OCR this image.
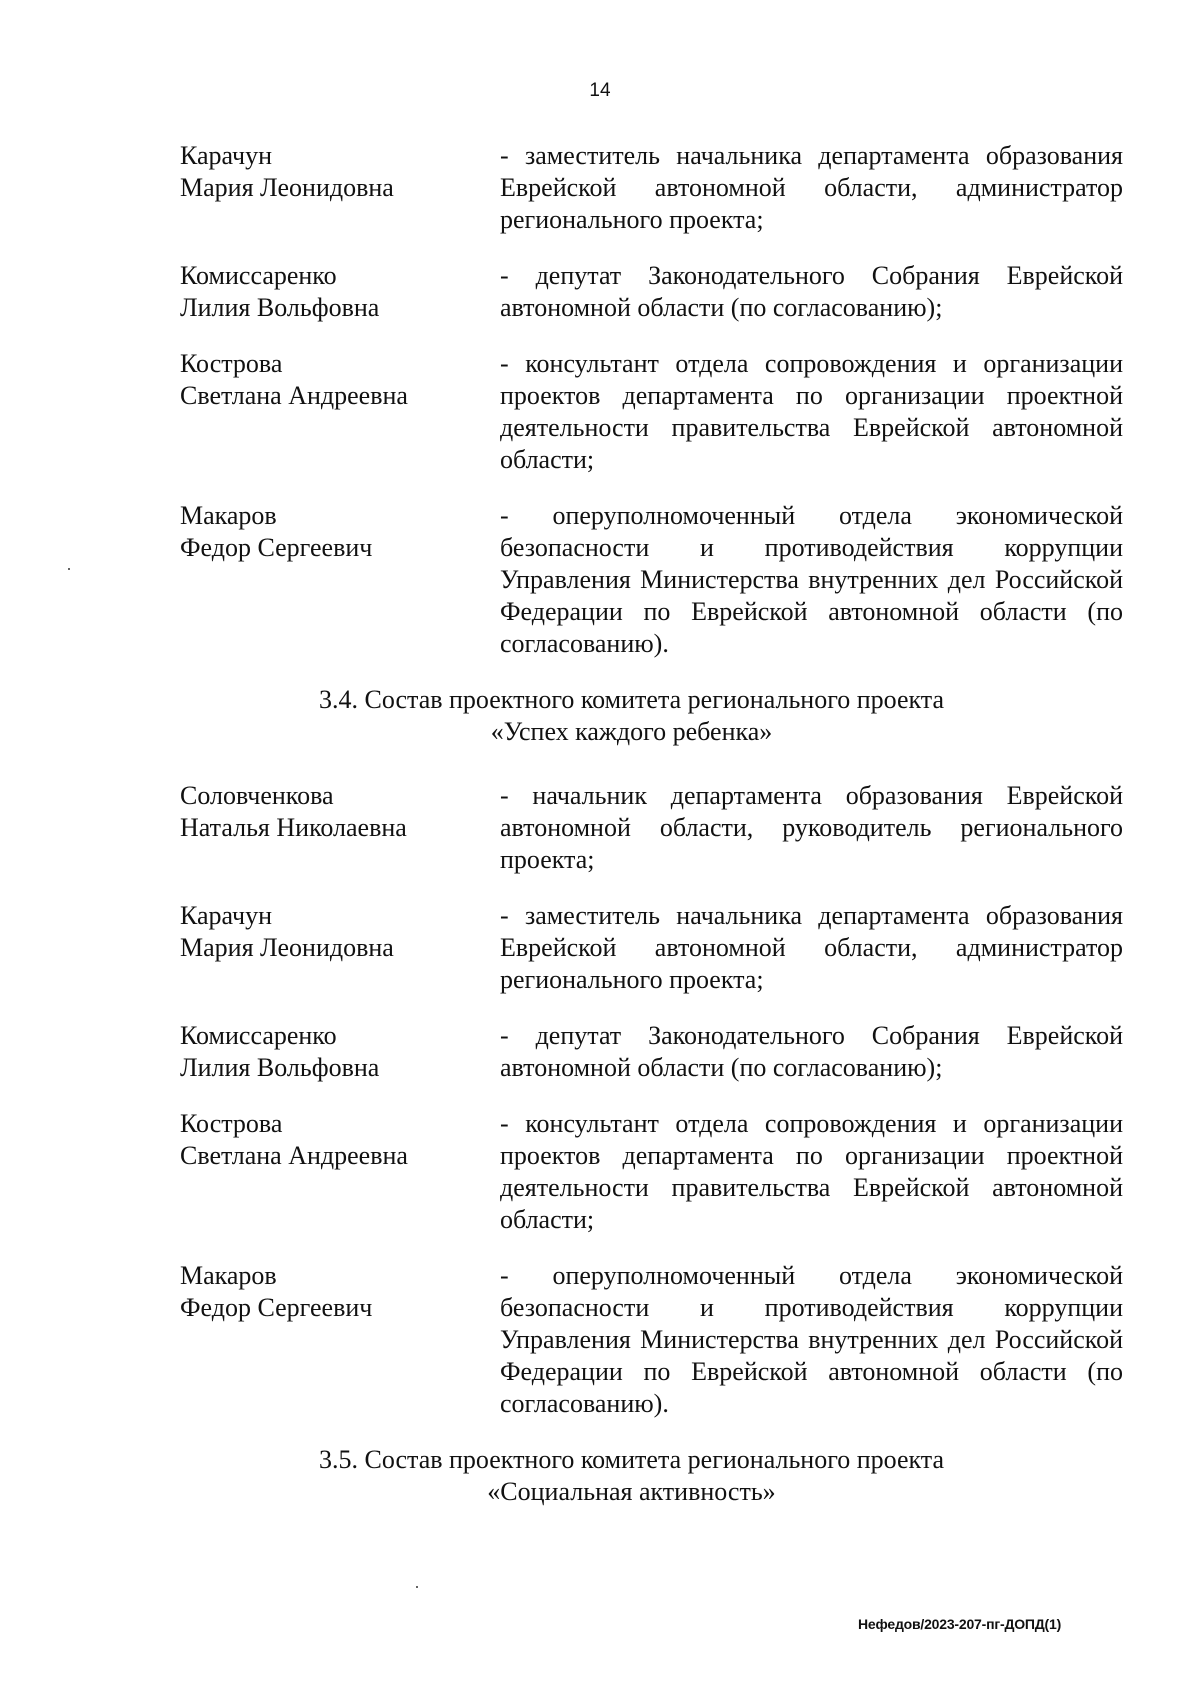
14
Карачун
Мария Леонидовна

- заместитель начальника департамента образования Еврейской автономной области, администратор регионального проекта;

Комиссаренко
Лилия Вольфовна

- депутат Законодательного Собрания Еврейской автономной области (по согласованию);

Кострова
Светлана Андреевна

- консультант отдела сопровождения и организации проектов департамента по организации проектной деятельности правительства Еврейской автономной области;

Макаров
Федор Сергеевич

- оперуполномоченный отдела экономической безопасности и противодействия коррупции Управления Министерства внутренних дел Российской Федерации по Еврейской автономной области (по согласованию).

3.4. Состав проектного комитета регионального проекта
«Успех каждого ребенка»
Соловченкова
Наталья Николаевна

- начальник департамента образования Еврейской автономной области, руководитель регионального проекта;

Карачун
Мария Леонидовна

- заместитель начальника департамента образования Еврейской автономной области, администратор регионального проекта;

Комиссаренко
Лилия Вольфовна

- депутат Законодательного Собрания Еврейской автономной области (по согласованию);

Кострова
Светлана Андреевна

- консультант отдела сопровождения и организации проектов департамента по организации проектной деятельности правительства Еврейской автономной области;

Макаров
Федор Сергеевич

- оперуполномоченный отдела экономической безопасности и противодействия коррупции Управления Министерства внутренних дел Российской Федерации по Еврейской автономной области (по согласованию).

3.5. Состав проектного комитета регионального проекта
«Социальная активность»
Нефедов/2023-207-пг-ДОПД(1)
